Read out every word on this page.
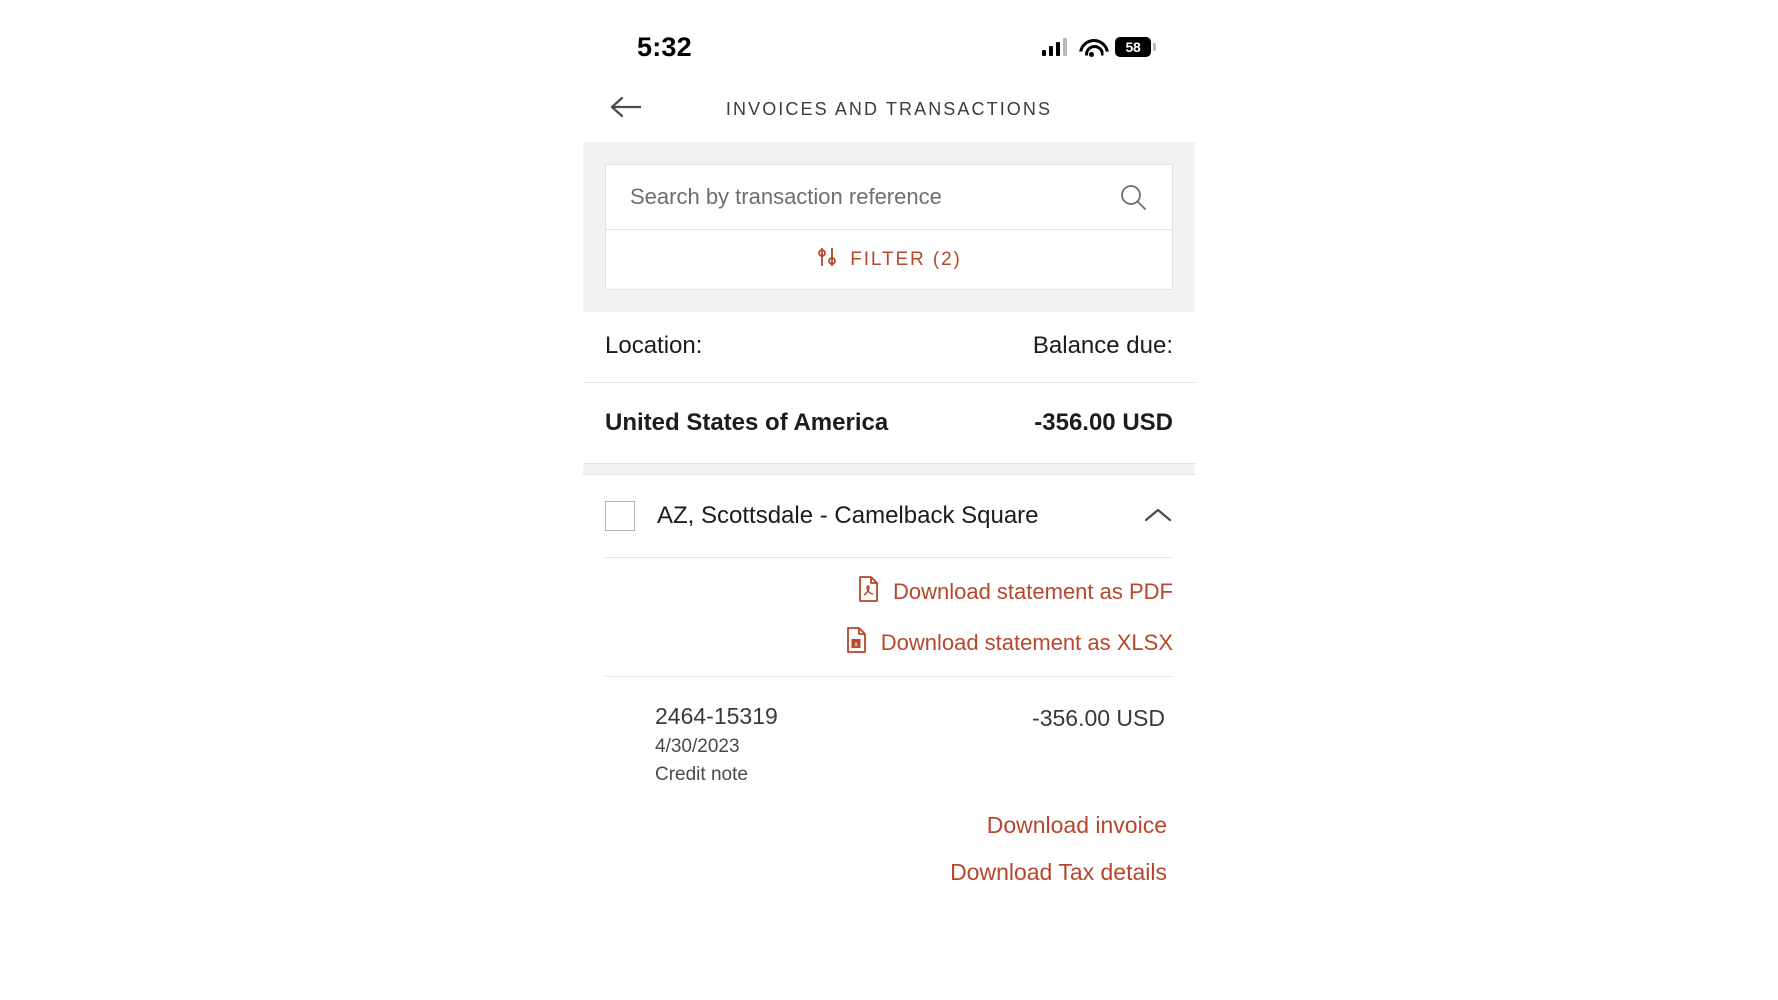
5:32	58
INVOICES AND TRANSACTIONS
Search by transaction reference
FILTER (2)
Location:	Balance due:
United States of America	-356.00 USD
AZ, Scottsdale - Camelback Square
Download statement as PDF
x Download statement as XLSX
2464-15319
4/30/2023
Credit note
-356.00 USD
Download invoice
Download Tax details
